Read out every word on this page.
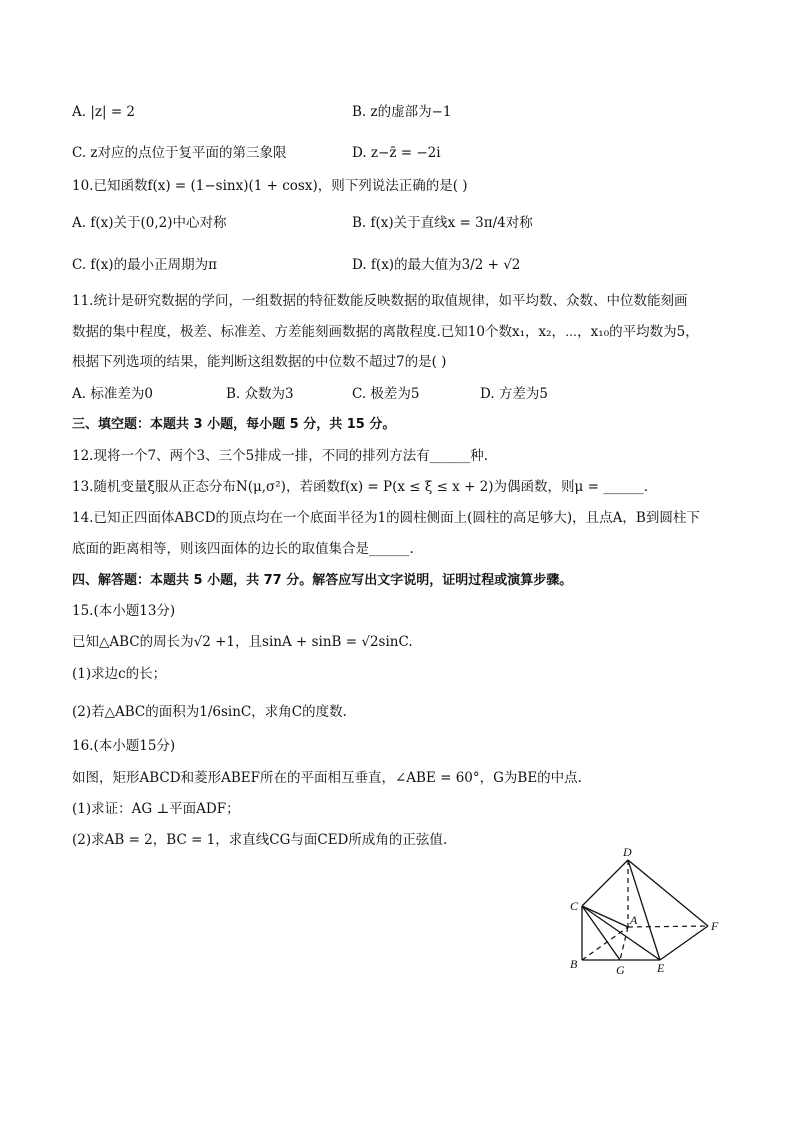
A. |z| = 2	B. z的虚部为−1
C. z对应的点位于复平面的第三象限	D. z−z̄ = −2i
10.已知函数f(x) = (1−sinx)(1 + cosx)，则下列说法正确的是( )
A. f(x)关于(0,2)中心对称	B. f(x)关于直线x = 3π/4对称
C. f(x)的最小正周期为π	D. f(x)的最大值为3/2 + √2
11.统计是研究数据的学问，一组数据的特征数能反映数据的取值规律，如平均数、众数、中位数能刻画
数据的集中程度，极差、标准差、方差能刻画数据的离散程度.已知10个数x₁，x₂，⋯，x₁₀的平均数为5，
根据下列选项的结果，能判断这组数据的中位数不超过7的是( )
A. 标准差为0	B. 众数为3	C. 极差为5	D. 方差为5
三、填空题：本题共 3 小题，每小题 5 分，共 15 分。
12.现将一个7、两个3、三个5排成一排，不同的排列方法有______种.
13.随机变量ξ服从正态分布N(μ,σ²)，若函数f(x) = P(x ≤ ξ ≤ x + 2)为偶函数，则μ = ______.
14.已知正四面体ABCD的顶点均在一个底面半径为1的圆柱侧面上(圆柱的高足够大)，且点A，B到圆柱下
底面的距离相等，则该四面体的边长的取值集合是______.
四、解答题：本题共 5 小题，共 77 分。解答应写出文字说明，证明过程或演算步骤。
15.(本小题13分)
已知△ABC的周长为√2 +1，且sinA + sinB = √2sinC.
(1)求边c的长；
(2)若△ABC的面积为1/6sinC，求角C的度数.
16.(本小题15分)
如图，矩形ABCD和菱形ABEF所在的平面相互垂直，∠ABE = 60°，G为BE的中点.
(1)求证：AG ⊥平面ADF；
(2)求AB = 2，BC = 1，求直线CG与面CED所成角的正弦值.
D
C
A	F
B	G	E
